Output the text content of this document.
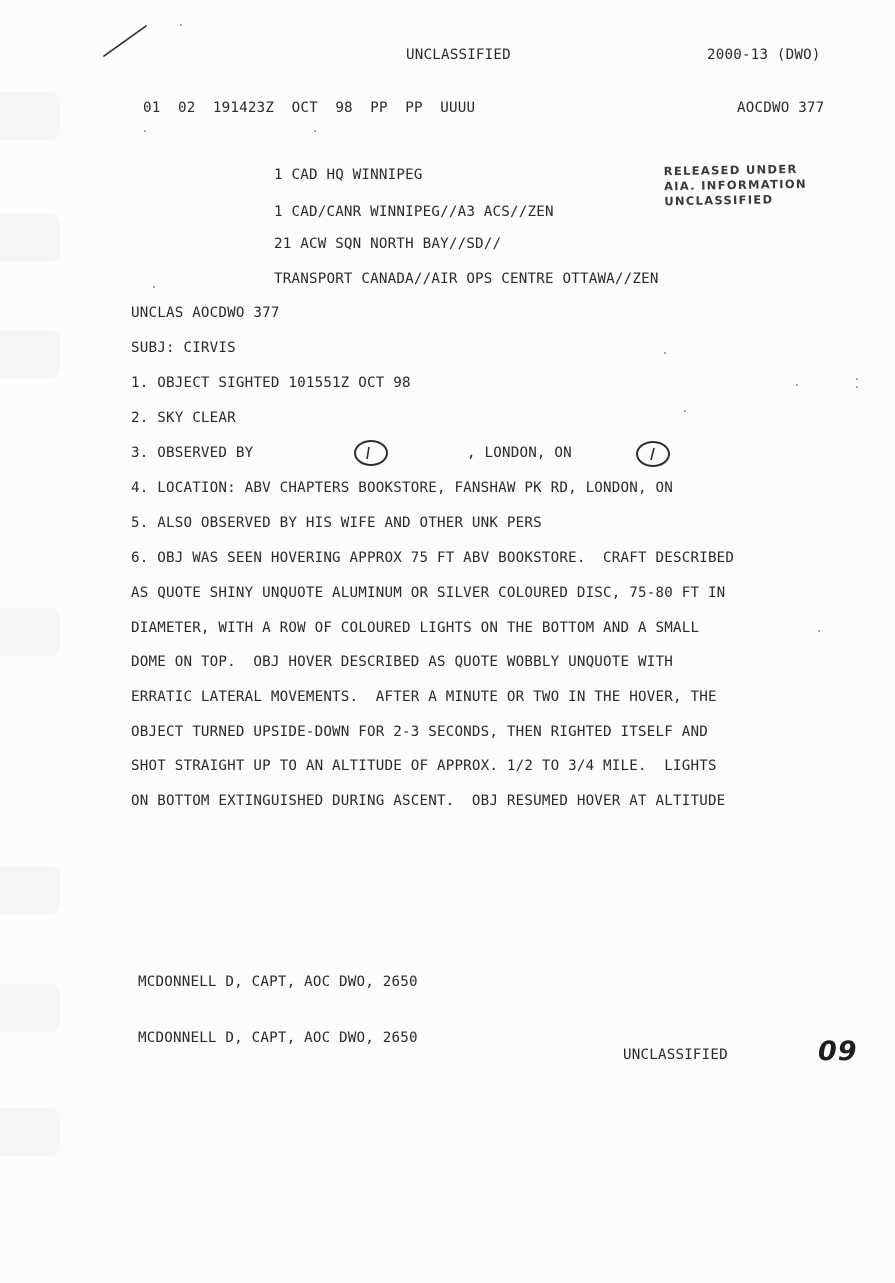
UNCLASSIFIED	2000-13 (DWO)
01  02  191423Z  OCT  98  PP  PP  UUUU	AOCDWO 377
1 CAD HQ WINNIPEG
1 CAD/CANR WINNIPEG//A3 ACS//ZEN
21 ACW SQN NORTH BAY//SD//
TRANSPORT CANADA//AIR OPS CENTRE OTTAWA//ZEN
RELEASED UNDER
AIA. INFORMATION
UNCLASSIFIED
UNCLAS AOCDWO 377
SUBJ: CIRVIS
1. OBJECT SIGHTED 101551Z OCT 98
2. SKY CLEAR
3. OBSERVED BY	, LONDON, ON
4. LOCATION: ABV CHAPTERS BOOKSTORE, FANSHAW PK RD, LONDON, ON
5. ALSO OBSERVED BY HIS WIFE AND OTHER UNK PERS
6. OBJ WAS SEEN HOVERING APPROX 75 FT ABV BOOKSTORE.  CRAFT DESCRIBED
AS QUOTE SHINY UNQUOTE ALUMINUM OR SILVER COLOURED DISC, 75-80 FT IN
DIAMETER, WITH A ROW OF COLOURED LIGHTS ON THE BOTTOM AND A SMALL
DOME ON TOP.  OBJ HOVER DESCRIBED AS QUOTE WOBBLY UNQUOTE WITH
ERRATIC LATERAL MOVEMENTS.  AFTER A MINUTE OR TWO IN THE HOVER, THE
OBJECT TURNED UPSIDE-DOWN FOR 2-3 SECONDS, THEN RIGHTED ITSELF AND
SHOT STRAIGHT UP TO AN ALTITUDE OF APPROX. 1/2 TO 3/4 MILE.  LIGHTS
ON BOTTOM EXTINGUISHED DURING ASCENT.  OBJ RESUMED HOVER AT ALTITUDE
MCDONNELL D, CAPT, AOC DWO, 2650
MCDONNELL D, CAPT, AOC DWO, 2650
UNCLASSIFIED	09
